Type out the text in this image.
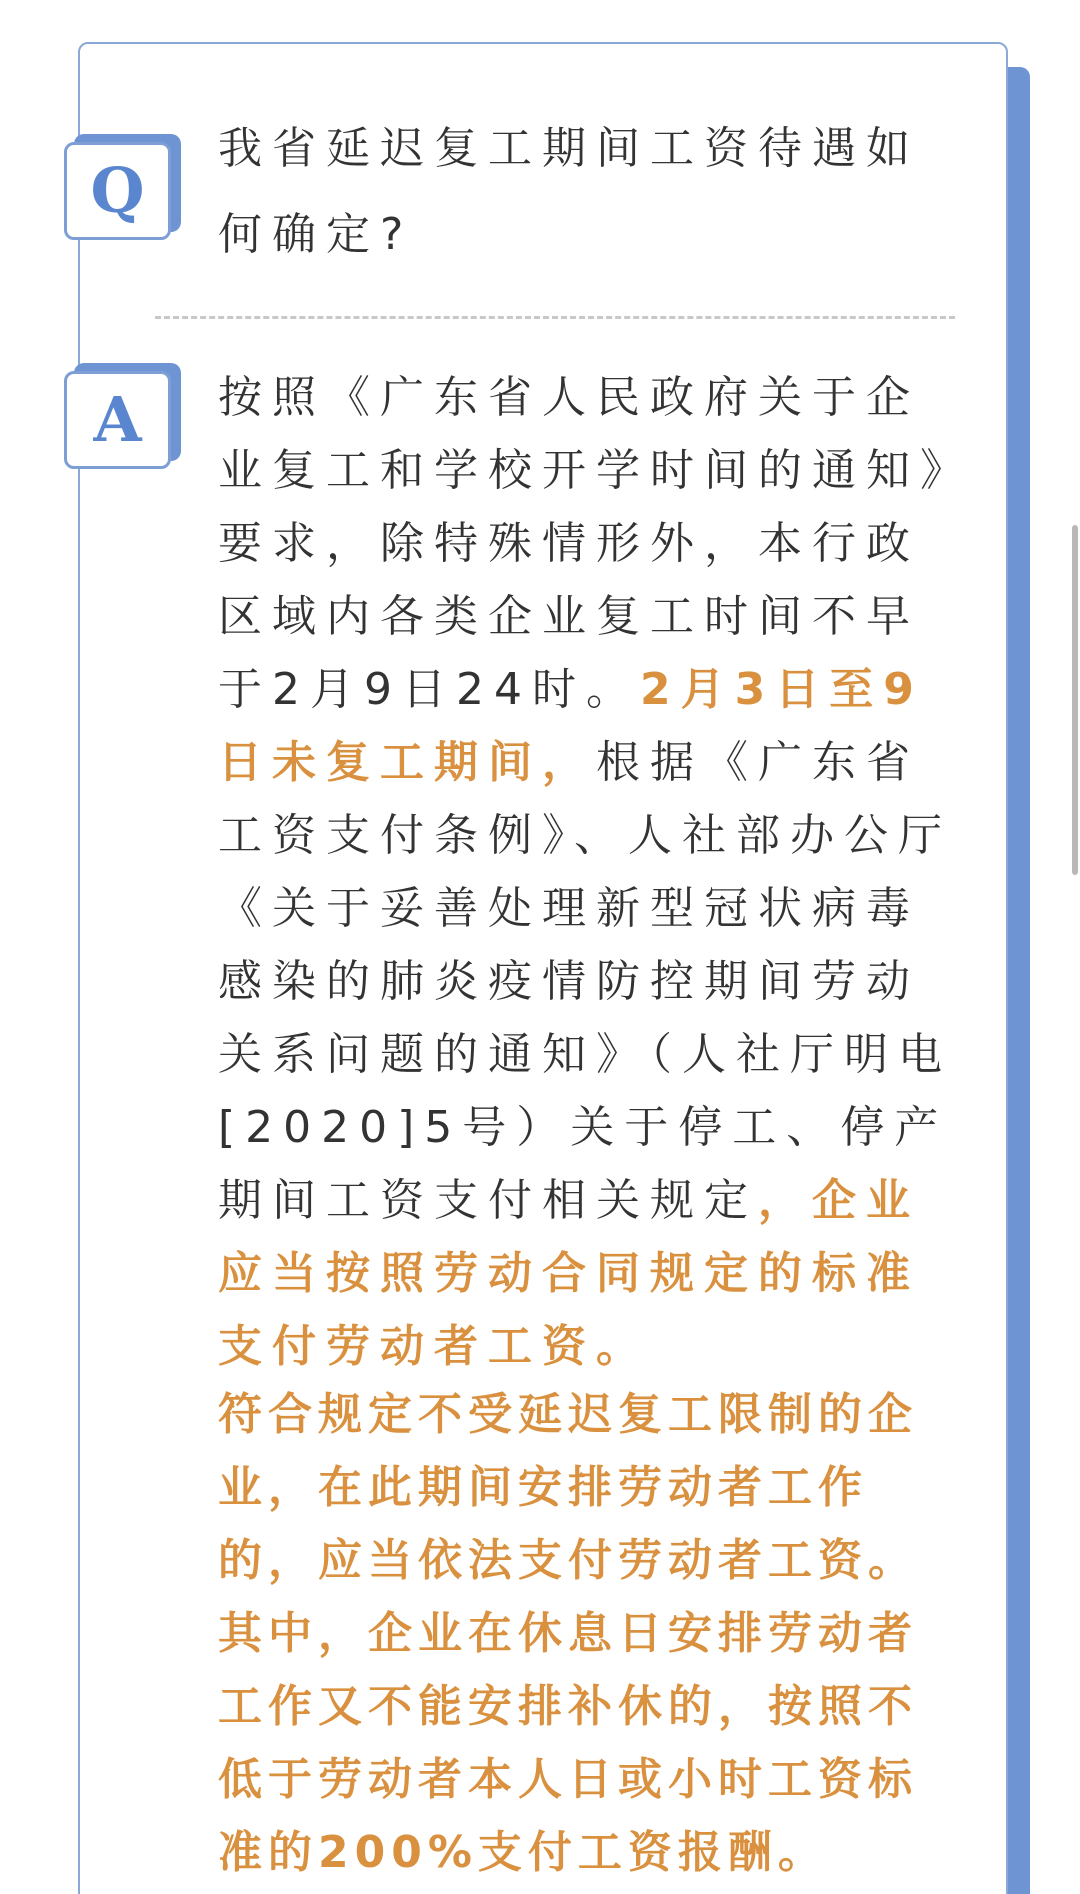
Q

我省延迟复工期间工资待遇如何确定?

A	按照《广东省人民政府关于企业复工和学校开学时间的通知》要求，除特殊情形外，本行政区域内各类企业复工时间不早于2月9日24时。2月3日至9日未复工期间，根据《广东省工资支付条例》、人社部办公厅《关于妥善处理新型冠状病毒感染的肺炎疫情防控期间劳动关系问题的通知》（人社厅明电[2020]5号）关于停工、停产期间工资支付相关规定，企业应当按照劳动合同规定的标准支付劳动者工资。

符合规定不受延迟复工限制的企业，在此期间安排劳动者工作的，应当依法支付劳动者工资。其中，企业在休息日安排劳动者工作又不能安排补休的，按照不低于劳动者本人日或小时工资标准的200%支付工资报酬。
